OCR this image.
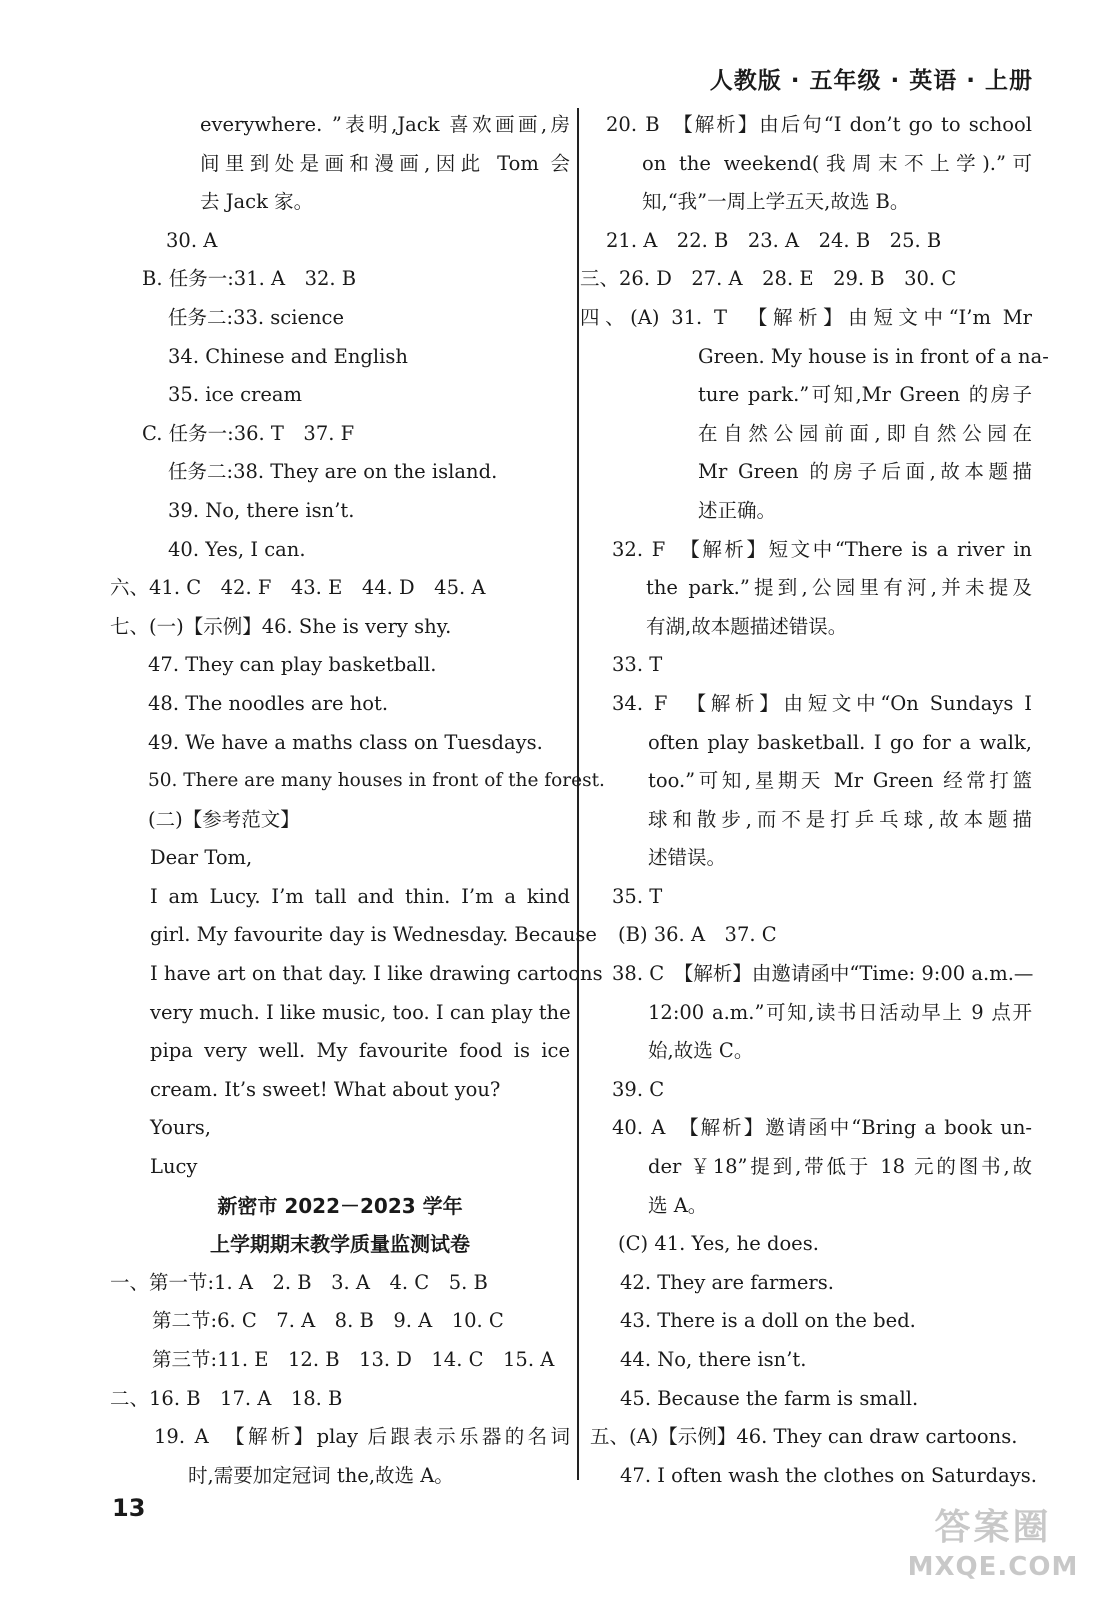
人教版 · 五年级 · 英语 · 上册
everywhere. ”表明,Jack 喜欢画画,房
间里到处是画和漫画,因此 Tom 会
去 Jack 家。
30. A
B. 任务一:31. A　32. B
任务二:33. science
34. Chinese and English
35. ice cream
C. 任务一:36. T　37. F
任务二:38. They are on the island.
39. No, there isn’t.
40. Yes, I can.
六、41. C　42. F　43. E　44. D　45. A
七、(一)【示例】46. She is very shy.
47. They can play basketball.
48. The noodles are hot.
49. We have a maths class on Tuesdays.
50. There are many houses in front of the forest.
(二)【参考范文】
Dear Tom,
I am Lucy. I’m tall and thin. I’m a kind
girl. My favourite day is Wednesday. Because
I have art on that day. I like drawing cartoons
very much. I like music, too. I can play the
pipa very well. My favourite food is ice
cream. It’s sweet! What about you?
Yours,
Lucy
新密市 2022－2023 学年
上学期期末教学质量监测试卷
一、第一节:1. A　2. B　3. A　4. C　5. B
第二节:6. C　7. A　8. B　9. A　10. C
第三节:11. E　12. B　13. D　14. C　15. A
二、16. B　17. A　18. B
19. A　【解析】play 后跟表示乐器的名词
时,需要加定冠词 the,故选 A。
20. B　【解析】由后句“I don’t go to school
on the weekend(我周末不上学).”可
知,“我”一周上学五天,故选 B。
21. A　22. B　23. A　24. B　25. B
三、26. D　27. A　28. E　29. B　30. C
四、(A) 31. T　【解析】由短文中“I’m Mr
Green. My house is in front of a na-
ture park.”可知,Mr Green 的房子
在自然公园前面,即自然公园在
Mr Green 的房子后面,故本题描
述正确。
32. F　【解析】短文中“There is a river in
the park.”提到,公园里有河,并未提及
有湖,故本题描述错误。
33. T
34. F　【解析】由短文中“On Sundays I
often play basketball. I go for a walk,
too.”可知,星期天 Mr Green 经常打篮
球和散步,而不是打乒乓球,故本题描
述错误。
35. T
(B) 36. A　37. C
38. C　【解析】由邀请函中“Time: 9:00 a.m.—
12:00 a.m.”可知,读书日活动早上 9 点开
始,故选 C。
39. C
40. A　【解析】邀请函中“Bring a book un-
der ￥18”提到,带低于 18 元的图书,故
选 A。
(C) 41. Yes, he does.
42. They are farmers.
43. There is a doll on the bed.
44. No, there isn’t.
45. Because the farm is small.
五、(A)【示例】46. They can draw cartoons.
47. I often wash the clothes on Saturdays.
13	答案圈
MXQE.COM
